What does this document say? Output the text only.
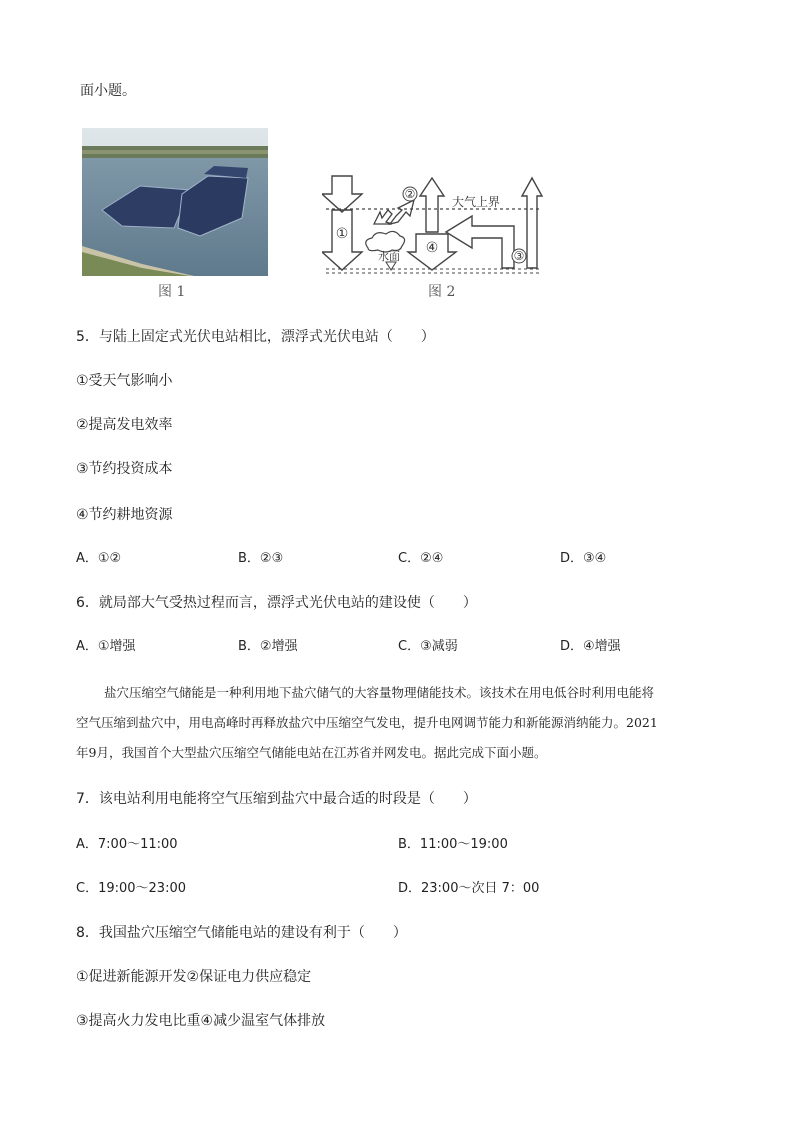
面小题。
图 1
①
②
④
水面
大气上界
③
图 2
5．与陆上固定式光伏电站相比，漂浮式光伏电站（　　）
①受天气影响小
②提高发电效率
③节约投资成本
④节约耕地资源
A．①②	B．②③	C．②④	D．③④
6．就局部大气受热过程而言，漂浮式光伏电站的建设使（　　）
A．①增强	B．②增强	C．③减弱	D．④增强
盐穴压缩空气储能是一种利用地下盐穴储气的大容量物理储能技术。该技术在用电低谷时利用电能将
空气压缩到盐穴中，用电高峰时再释放盐穴中压缩空气发电，提升电网调节能力和新能源消纳能力。2021
年9月，我国首个大型盐穴压缩空气储能电站在江苏省并网发电。据此完成下面小题。
7．该电站利用电能将空气压缩到盐穴中最合适的时段是（　　）
A．7:00～11:00	B．11:00～19:00
C．19:00～23:00	D．23:00～次日 7：00
8．我国盐穴压缩空气储能电站的建设有利于（　　）
①促进新能源开发②保证电力供应稳定
③提高火力发电比重④减少温室气体排放
